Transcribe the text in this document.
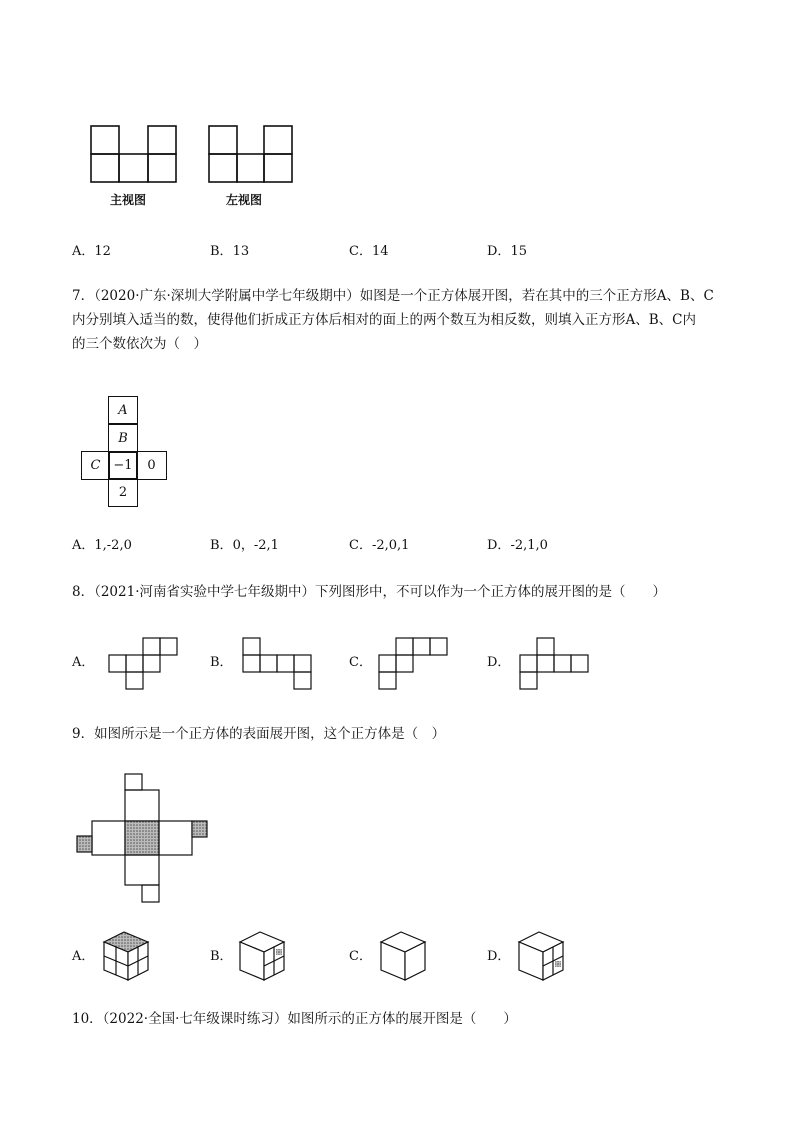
主视图	左视图
A．12	B．13	C．14	D．15
7．（2020·广东·深圳大学附属中学七年级期中）如图是一个正方体展开图，若在其中的三个正方形A、B、C
内分别填入适当的数，使得他们折成正方体后相对的面上的两个数互为相反数，则填入正方形A、B、C内
的三个数依次为（　）
A
B
C −1	0
2
A．1,-2,0	B．0，-2,1	C．-2,0,1	D．-2,1,0
8．（2021·河南省实验中学七年级期中）下列图形中，不可以作为一个正方体的展开图的是（　　）
A．	B．	C．	D．
9．如图所示是一个正方体的表面展开图，这个正方体是（　）
A．	B．	C．	D．
10．（2022·全国·七年级课时练习）如图所示的正方体的展开图是（　　）
